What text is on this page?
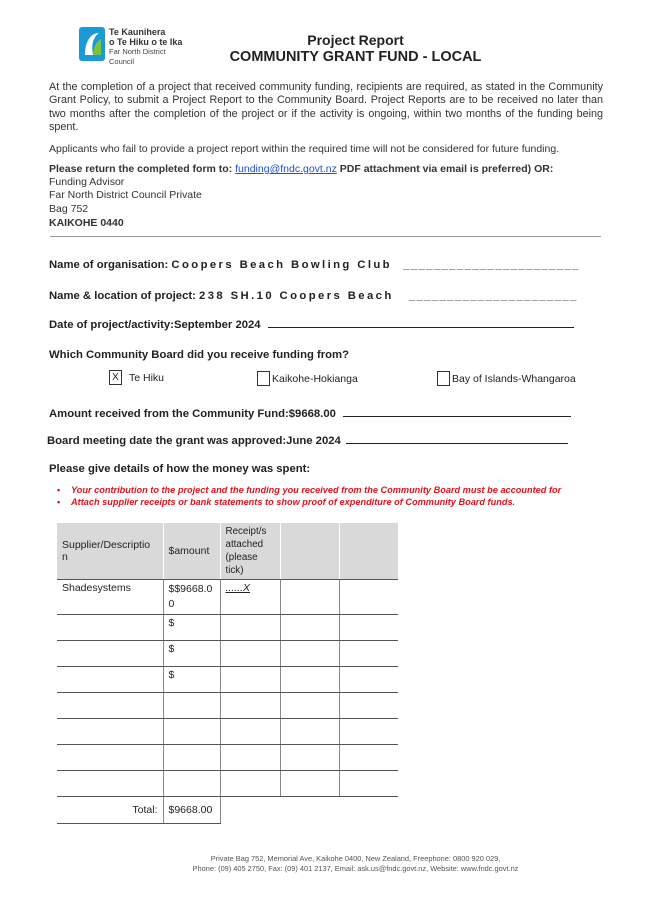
Te Kaunihera
o Te Hiku o te Ika
Far North District Council
Project Report
COMMUNITY GRANT FUND - LOCAL
At the completion of a project that received community funding, recipients are required, as stated in the Community Grant Policy, to submit a Project Report to the Community Board. Project Reports are to be received no later than two months after the completion of the project or if the activity is ongoing, within two months of the funding being spent.
Applicants who fail to provide a project report within the required time will not be considered for future funding.
Please return the completed form to: funding@fndc.govt.nz PDF attachment via email is preferred) OR:
Funding Advisor
Far North District Council Private
Bag 752
KAIKOHE 0440
Name of organisation: Coopers Beach Bowling Club _______________________
Name & location of project: 238 SH.10 Coopers Beach ______________________
Date of project/activity:September 2024
Which Community Board did you receive funding from?
X Te Hiku	Kaikohe-Hokianga	Bay of Islands-Whangaroa
Amount received from the Community Fund:$9668.00
Board meeting date the grant was approved:June 2024
Please give details of how the money was spent:
• Your contribution to the project and the funding you received from the Community Board must be accounted for
• Attach supplier receipts or bank statements to show proof of expenditure of Community Board funds.
Supplier/Descriptio n	$amount	Receipt/s attached (please tick)		
Shadesystems	$$9668.0 0	......X		
	$			
	$			
	$			

Total:	$9668.00			
Private Bag 752, Memorial Ave, Kaikohe 0400, New Zealand, Freephone: 0800 920 029,
Phone: (09) 405 2750, Fax: (09) 401 2137, Email: ask.us@fndc.govt.nz, Website: www.fndc.govt.nz
